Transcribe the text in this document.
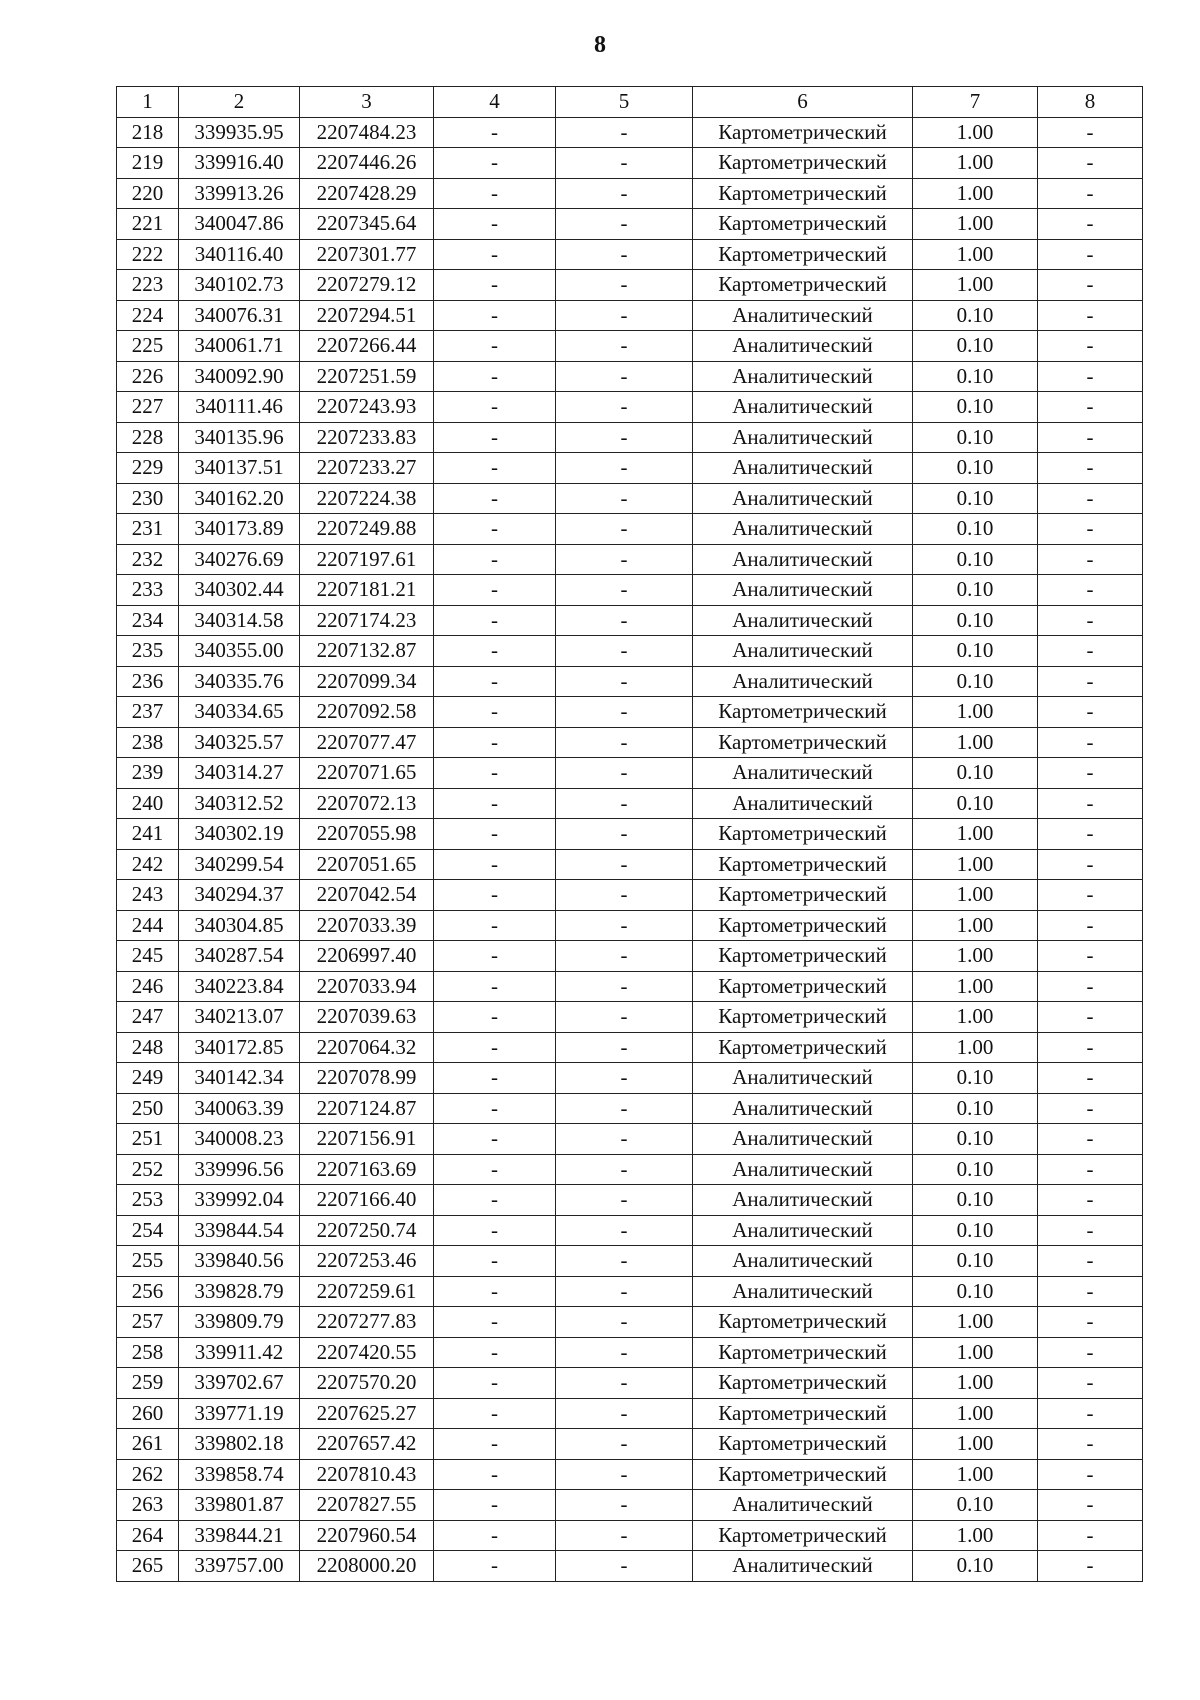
8
1	2	3	4	5	6	7	8
218	339935.95	2207484.23	-	-	Картометрический	1.00	-
219	339916.40	2207446.26	-	-	Картометрический	1.00	-
220	339913.26	2207428.29	-	-	Картометрический	1.00	-
221	340047.86	2207345.64	-	-	Картометрический	1.00	-
222	340116.40	2207301.77	-	-	Картометрический	1.00	-
223	340102.73	2207279.12	-	-	Картометрический	1.00	-
224	340076.31	2207294.51	-	-	Аналитический	0.10	-
225	340061.71	2207266.44	-	-	Аналитический	0.10	-
226	340092.90	2207251.59	-	-	Аналитический	0.10	-
227	340111.46	2207243.93	-	-	Аналитический	0.10	-
228	340135.96	2207233.83	-	-	Аналитический	0.10	-
229	340137.51	2207233.27	-	-	Аналитический	0.10	-
230	340162.20	2207224.38	-	-	Аналитический	0.10	-
231	340173.89	2207249.88	-	-	Аналитический	0.10	-
232	340276.69	2207197.61	-	-	Аналитический	0.10	-
233	340302.44	2207181.21	-	-	Аналитический	0.10	-
234	340314.58	2207174.23	-	-	Аналитический	0.10	-
235	340355.00	2207132.87	-	-	Аналитический	0.10	-
236	340335.76	2207099.34	-	-	Аналитический	0.10	-
237	340334.65	2207092.58	-	-	Картометрический	1.00	-
238	340325.57	2207077.47	-	-	Картометрический	1.00	-
239	340314.27	2207071.65	-	-	Аналитический	0.10	-
240	340312.52	2207072.13	-	-	Аналитический	0.10	-
241	340302.19	2207055.98	-	-	Картометрический	1.00	-
242	340299.54	2207051.65	-	-	Картометрический	1.00	-
243	340294.37	2207042.54	-	-	Картометрический	1.00	-
244	340304.85	2207033.39	-	-	Картометрический	1.00	-
245	340287.54	2206997.40	-	-	Картометрический	1.00	-
246	340223.84	2207033.94	-	-	Картометрический	1.00	-
247	340213.07	2207039.63	-	-	Картометрический	1.00	-
248	340172.85	2207064.32	-	-	Картометрический	1.00	-
249	340142.34	2207078.99	-	-	Аналитический	0.10	-
250	340063.39	2207124.87	-	-	Аналитический	0.10	-
251	340008.23	2207156.91	-	-	Аналитический	0.10	-
252	339996.56	2207163.69	-	-	Аналитический	0.10	-
253	339992.04	2207166.40	-	-	Аналитический	0.10	-
254	339844.54	2207250.74	-	-	Аналитический	0.10	-
255	339840.56	2207253.46	-	-	Аналитический	0.10	-
256	339828.79	2207259.61	-	-	Аналитический	0.10	-
257	339809.79	2207277.83	-	-	Картометрический	1.00	-
258	339911.42	2207420.55	-	-	Картометрический	1.00	-
259	339702.67	2207570.20	-	-	Картометрический	1.00	-
260	339771.19	2207625.27	-	-	Картометрический	1.00	-
261	339802.18	2207657.42	-	-	Картометрический	1.00	-
262	339858.74	2207810.43	-	-	Картометрический	1.00	-
263	339801.87	2207827.55	-	-	Аналитический	0.10	-
264	339844.21	2207960.54	-	-	Картометрический	1.00	-
265	339757.00	2208000.20	-	-	Аналитический	0.10	-
